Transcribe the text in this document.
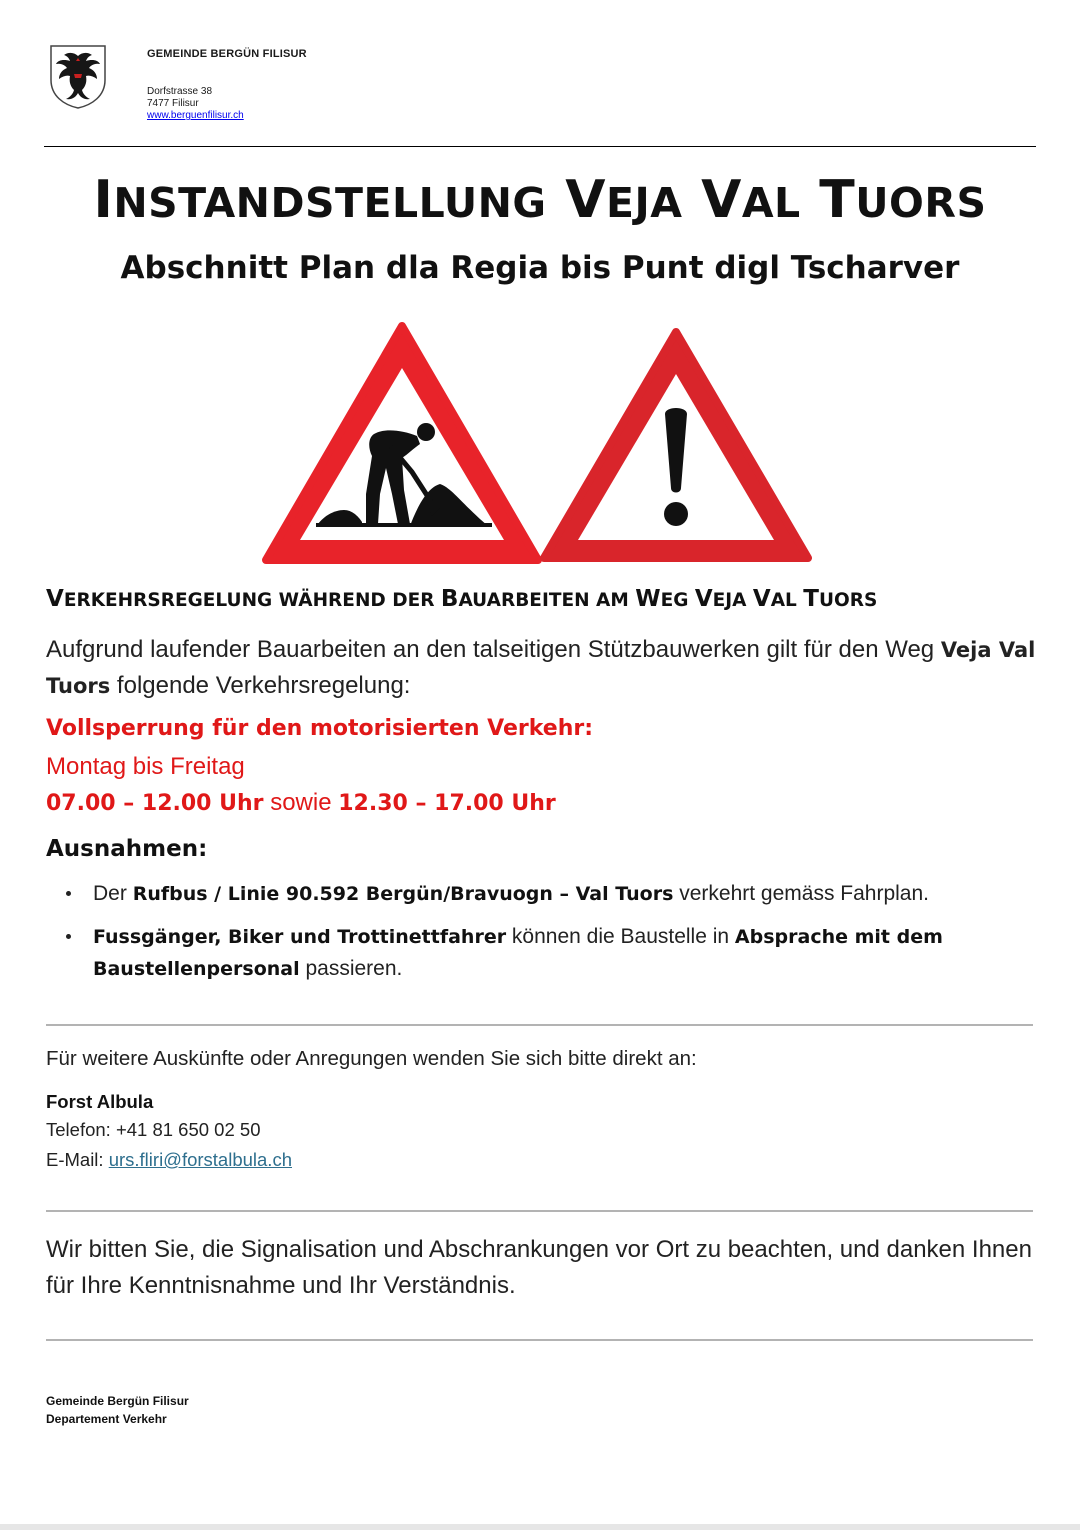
GEMEINDE BERGÜN FILISUR
Dorfstrasse 38
7477 Filisur
www.berguenfilisur.ch
INSTANDSTELLUNG VEJA VAL TUORS
Abschnitt Plan dla Regia bis Punt digl Tscharver
VERKEHRSREGELUNG WÄHREND DER BAUARBEITEN AM WEG VEJA VAL TUORS
Aufgrund laufender Bauarbeiten an den talseitigen Stützbauwerken gilt für den Weg Veja Val Tuors folgende Verkehrsregelung:
Vollsperrung für den motorisierten Verkehr:
Montag bis Freitag
07.00 – 12.00 Uhr sowie 12.30 – 17.00 Uhr
Ausnahmen:
Der Rufbus / Linie 90.592 Bergün/Bravuogn – Val Tuors verkehrt gemäss Fahrplan.
Fussgänger, Biker und Trottinettfahrer können die Baustelle in Absprache mit dem Baustellenpersonal passieren.
Für weitere Auskünfte oder Anregungen wenden Sie sich bitte direkt an:
Forst Albula
Telefon: +41 81 650 02 50
E-Mail: urs.fliri@forstalbula.ch
Wir bitten Sie, die Signalisation und Abschrankungen vor Ort zu beachten, und danken Ihnen für Ihre Kenntnisnahme und Ihr Verständnis.
Gemeinde Bergün Filisur
Departement Verkehr
